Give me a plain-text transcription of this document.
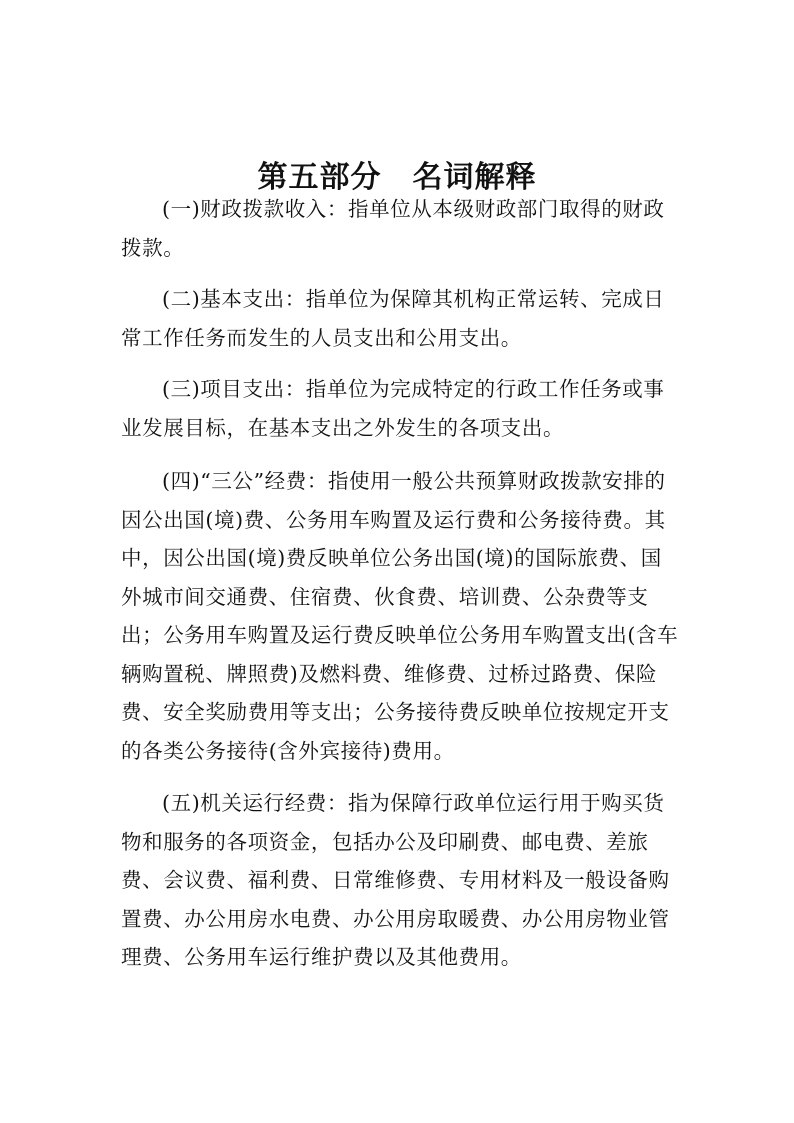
第五部分　名词解释

(一)财政拨款收入：指单位从本级财政部门取得的财政拨款。

(二)基本支出：指单位为保障其机构正常运转、完成日常工作任务而发生的人员支出和公用支出。

(三)项目支出：指单位为完成特定的行政工作任务或事业发展目标，在基本支出之外发生的各项支出。

(四)“三公”经费：指使用一般公共预算财政拨款安排的因公出国(境)费、公务用车购置及运行费和公务接待费。其中，因公出国(境)费反映单位公务出国(境)的国际旅费、国外城市间交通费、住宿费、伙食费、培训费、公杂费等支出；公务用车购置及运行费反映单位公务用车购置支出(含车辆购置税、牌照费)及燃料费、维修费、过桥过路费、保险费、安全奖励费用等支出；公务接待费反映单位按规定开支的各类公务接待(含外宾接待)费用。

(五)机关运行经费：指为保障行政单位运行用于购买货物和服务的各项资金，包括办公及印刷费、邮电费、差旅费、会议费、福利费、日常维修费、专用材料及一般设备购置费、办公用房水电费、办公用房取暖费、办公用房物业管理费、公务用车运行维护费以及其他费用。
